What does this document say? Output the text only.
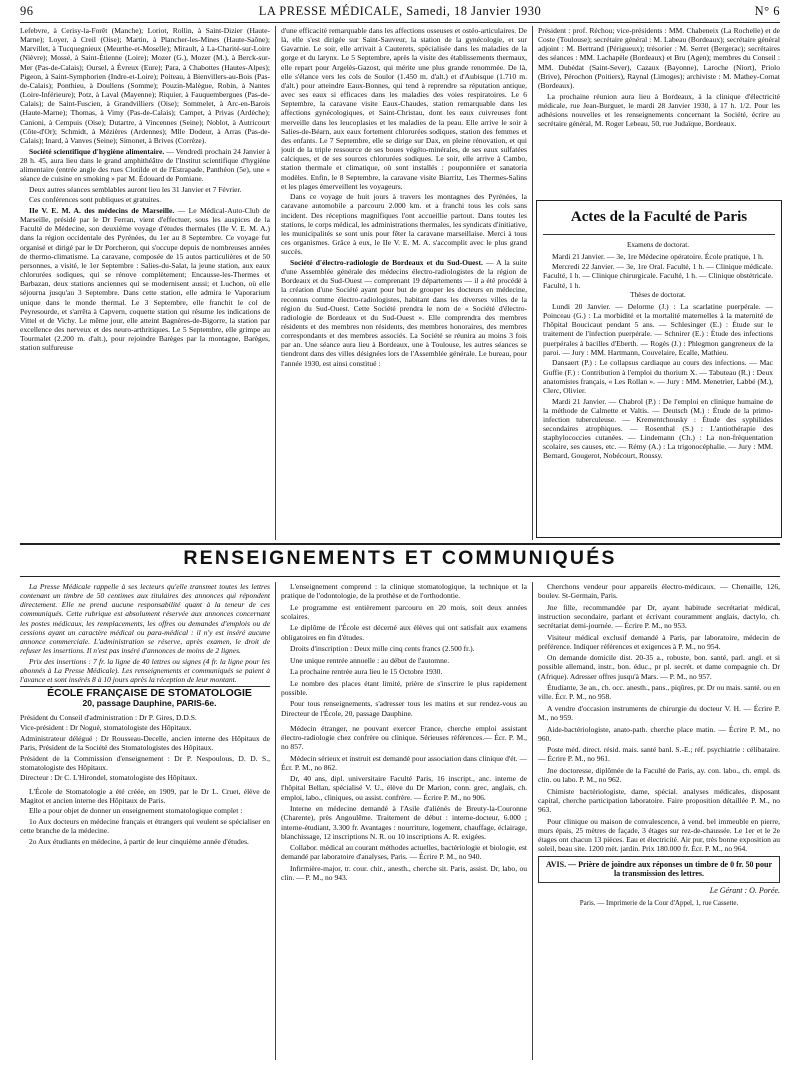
96	LA PRESSE MÉDICALE, Samedi, 18 Janvier 1930	N° 6

Lefebvre, à Cerisy-la-Forêt (Manche); Loriot, Rollin, à Saint-Dizier (Haute-Marne); Loyer, à Creil (Oise); Martin, à Plancher-les-Mines (Haute-Saône); Marvillet, à Tucquegnieux (Meurthe-et-Moselle); Mirault, à La-Charité-sur-Loire (Nièvre); Mossé, à Saint-Étienne (Loire); Mozer (G.), Mozer (M.), à Berck-sur-Mer (Pas-de-Calais); Oursel, à Évreux (Eure); Para, à Chabottes (Hautes-Alpes); Pigeon, à Saint-Symphorien (Indre-et-Loire); Poiteau, à Bienvillers-au-Bois (Pas-de-Calais); Ponthieu, à Doullens (Somme); Pouzin-Malègue, Robin, à Nantes (Loire-Inférieure); Potz, à Laval (Mayenne); Riquier, à Fauquembergues (Pas-de-Calais); de Saint-Fuscien, à Grandvilliers (Oise); Sommelet, à Arc-en-Barois (Haute-Marne); Thomas, à Vimy (Pas-de-Calais); Campet, à Privas (Ardèche); Canioni, à Cempuis (Oise); Dutartre, à Vincennes (Seine); Noblot, à Autricourt (Côte-d'Or); Schmidt, à Mézières (Ardennes); Mlle Dodeur, à Arras (Pas-de-Calais); Inard, à Vanves (Seine); Simonet, à Brives (Corrèze).

Société scientifique d'hygiène alimentaire. — Vendredi prochain 24 Janvier à 28 h. 45, aura lieu dans le grand amphithéâtre de l'Institut scientifique d'hygiène alimentaire (entrée angle des rues Clotilde et de l'Estrapade, Panthéon (5e), une « séance de cuisine en smoking » par M. Édouard de Pomiane.

Deux autres séances semblables auront lieu les 31 Janvier et 7 Février.

Ces conférences sont publiques et gratuites.

IIe V. E. M. A. des médecins de Marseille. — Le Médical-Auto-Club de Marseille, présidé par le Dr Ferran, vient d'effectuer, sous les auspices de la Faculté de Médecine, son deuxième voyage d'études thermales (IIe V. E. M. A.) dans la région occidentale des Pyrénées, du 1er au 8 Septembre. Ce voyage fut organisé et dirigé par le Dr Porcheron, qui s'occupe depuis de nombreuses années de thermo-climatisme. La caravane, composée de 15 autos particulières et de 50 personnes, a visité, le 1er Septembre : Salies-du-Salat, la jeune station, aux eaux chlorurées sodiques, qui se rénove complètement; Encausse-les-Thermes et Barbazan, deux stations anciennes qui se modernisent aussi; et Luchon, où elle séjourna jusqu'au 3 Septembre. Dans cette station, elle admira le Vaporarium unique dans le monde thermal. Le 3 Septembre, elle franchit le col de Peyresourde, et s'arrêta à Capvern, coquette station qui résume les indications de Vittel et de Vichy. Le même jour, elle atteint Bagnères-de-Bigorre, la station par excellence des nerveux et des neuro-arthritiques. Le 5 Septembre, elle grimpe au Tourmalet (2.200 m. d'alt.), pour rejoindre Barèges par la montagne, Barèges, station sulfureuse

d'une efficacité remarquable dans les affections osseuses et ostéo-articulaires. De là, elle s'est dirigée sur Saint-Sauveur, la station de la gynécologie, et sur Gavarnie. Le soir, elle arrivait à Cauterets, spécialisée dans les maladies de la gorge et du larynx. Le 5 Septembre, après la visite des établissements thermaux, elle repart pour Argelès-Gazost, qui mérite une plus grande renommée. De là, elle s'élance vers les cols de Soulor (1.450 m. d'alt.) et d'Aubisque (1.710 m. d'alt.) pour atteindre Eaux-Bonnes, qui tend à reprendre sa réputation antique, avec ses eaux si efficaces dans les maladies des voies respiratoires. Le 6 Septembre, la caravane visite Eaux-Chaudes, station remarquable dans les affections gynécologiques, et Saint-Christau, dont les eaux cuivreuses font merveille dans les leucoplasies et les maladies de la peau. Elle arrive le soir à Salies-de-Béarn, aux eaux fortement chlorurées sodiques, station des femmes et des enfants. Le 7 Septembre, elle se dirige sur Dax, en pleine rénovation, et qui jouit de la triple ressource de ses boues végéto-minérales, de ses eaux sulfatées calciques, et de ses sources chlorurées sodiques. Le soir, elle arrive à Cambo, station thermale et climatique, où sont installés : pouponnière et sanatoria modèles. Enfin, le 8 Septembre, la caravane visite Biarritz, Les Thermes-Salins et les plages émerveillent les voyageurs.

Dans ce voyage de huit jours à travers les montagnes des Pyrénées, la caravane automobile a parcouru 2.000 km. et a franchi tous les cols sans incident. Des réceptions magnifiques l'ont accueillie partout. Dans toutes les stations, le corps médical, les administrations thermales, les syndicats d'initiative, les municipalités se sont unis pour fêter la caravane marseillaise. Merci à tous ces organismes. Grâce à eux, le IIe V. E. M. A. s'accomplit avec le plus grand succès.

Société d'électro-radiologie de Bordeaux et du Sud-Ouest. — A la suite d'une Assemblée générale des médecins électro-radiologistes de la région de Bordeaux et du Sud-Ouest — comprenant 19 départements — il a été procédé à la création d'une Société ayant pour but de grouper les docteurs en médecine, reconnus comme électro-radiologistes, habitant dans les diverses villes de la région du Sud-Ouest. Cette Société prendra le nom de « Société d'électro-radiologie de Bordeaux et du Sud-Ouest ». Elle comprendra des membres résidents et des membres non résidents, des membres honoraires, des membres correspondants et des membres associés. La Société se réunira au moins 3 fois par an. Une séance aura lieu à Bordeaux, une à Toulouse, les autres séances se tiendront dans des villes désignées lors de l'Assemblée générale. Le bureau, pour l'année 1930, est ainsi constitué :

Président : prof. Réchou; vice-présidents : MM. Chabeneix (La Rochelle) et de Coste (Toulouse); secrétaire général : M. Labeau (Bordeaux); secrétaire général adjoint : M. Bertrand (Périgueux); trésorier : M. Serret (Bergerac); secrétaires des séances : MM. Lachapèle (Bordeaux) et Bru (Agen); membres du Conseil : MM. Dubédat (Saint-Sever), Cazaux (Bayonne), Laroche (Niort), Priolo (Brive), Pérochon (Poitiers), Raynal (Limoges); archiviste : M. Mathey-Cornat (Bordeaux).

La prochaine réunion aura lieu à Bordeaux, à la clinique d'électricité médicale, rue Jean-Burguet, le mardi 28 Janvier 1930, à 17 h. 1/2. Pour les adhésions nouvelles et les renseignements concernant la Société, écrire au secrétaire général, M. Roger Lebeau, 50, rue Judaïque, Bordeaux.

Actes de la Faculté de Paris

Examens de doctorat.

Mardi 21 Janvier. — 3e, 1re Médecine opératoire. École pratique, 1 h.

Mercredi 22 Janvier. — 3e, 1re Oral. Faculté, 1 h. — Clinique médicale. Faculté, 1 h. — Clinique chirurgicale. Faculté, 1 h. — Clinique obstétricale. Faculté, 1 h.

Thèses de doctorat.

Lundi 20 Janvier. — Delorme (J.) : La scarlatine puerpérale. — Poinceau (G.) : La morbidité et la mortalité maternelles à la maternité de l'hôpital Boucicaut pendant 5 ans. — Schlesinger (E.) : Étude sur le traitement de l'infection puerpérale. — Schnirer (E.) : Étude des infections puerpérales à bacilles d'Eberth. — Rogès (J.) : Phlegmon gangreneux de la paroi. — Jury : MM. Hartmann, Couvelaire, Ecalle, Mathieu.

Dansaert (P.) : Le collapsus cardiaque au cours des infections. — Mac Guffie (F.) : Contribution à l'emploi du thorium X. — Tabuteau (R.) : Deux anatomistes français, « Les Rollan ». — Jury : MM. Menetrier, Labbé (M.), Clerc, Olivier.

Mardi 21 Janvier. — Chabrol (P.) : De l'emploi en clinique humaine de la méthode de Calmette et Valtis. — Deutsch (M.) : Étude de la primo-infection tuberculeuse. — Krementchousky : Étude des syphilides secondaires atrophiques. — Rosenthal (S.) : L'antiothérapie des staphylococcies cutanées. — Lindemann (Ch.) : La non-fréquentation scolaire, ses causes, etc. — Rémy (A.) : La trigonocéphalie. — Jury : MM. Bernard, Gougerot, Nobécourt, Roussy.

RENSEIGNEMENTS ET COMMUNIQUÉS

La Presse Médicale rappelle à ses lecteurs qu'elle transmet toutes les lettres contenant un timbre de 50 centimes aux titulaires des annonces qui répondent directement. Elle ne prend aucune responsabilité quant à la teneur de ces communiqués. Cette rubrique est absolument réservée aux annonces concernant les postes médicaux, les remplacements, les offres ou demandes d'emplois ou de cessions ayant un caractère médical ou para-médical : il n'y est inséré aucune annonce commerciale. L'administration se réserve, après examen, le droit de refuser les insertions. Il n'est pas inséré d'annonces de moins de 2 lignes.

Prix des insertions : 7 fr. la ligne de 40 lettres ou signes (4 fr. la ligne pour les abonnés à La Presse Médicale). Les renseignements et communiqués se paient à l'avance et sont insérés 8 à 10 jours après la réception de leur montant.

ÉCOLE FRANÇAISE DE STOMATOLOGIE

20, passage Dauphine, PARIS-6e.

Président du Conseil d'administration : Dr P. Gires, D.D.S.

Vice-président : Dr Nogué, stomatologiste des Hôpitaux.

Administrateur délégué : Dr Rousseau-Decelle, ancien interne des Hôpitaux de Paris, Président de la Société des Stomatologistes des Hôpitaux.

Président de la Commission d'enseignement : Dr P. Nespoulous, D. D. S., stomatologiste des Hôpitaux.

Directeur : Dr C. L'Hirondel, stomatologiste des Hôpitaux.

L'École de Stomatologie a été créée, en 1909, par le Dr L. Cruet, élève de Magitot et ancien interne des Hôpitaux de Paris.

Elle a pour objet de donner un enseignement stomatologique complet :

1o Aux docteurs en médecine français et étrangers qui veulent se spécialiser en cette branche de la médecine.

2o Aux étudiants en médecine, à partir de leur cinquième année d'études.

L'enseignement comprend : la clinique stomatologique, la technique et la pratique de l'odontologie, de la prothèse et de l'orthodontie.

Le programme est entièrement parcouru en 20 mois, soit deux années scolaires.

Le diplôme de l'École est décerné aux élèves qui ont satisfait aux examens obligatoires en fin d'études.

Droits d'inscription : Deux mille cinq cents francs (2.500 fr.).

Une unique rentrée annuelle : au début de l'automne.

La prochaine rentrée aura lieu le 15 Octobre 1930.

Le nombre des places étant limité, prière de s'inscrire le plus rapidement possible.

Pour tous renseignements, s'adresser tous les matins et sur rendez-vous au Directeur de l'École, 20, passage Dauphine.

Médecin étranger, ne pouvant exercer France, cherche emploi assistant électro-radiologie chez confrère ou clinique. Sérieuses références.— Écr. P. M., no 857.

Médecin sérieux et instruit est demandé pour association dans clinique d'ét. — Écr. P. M., no 862.

Dr, 40 ans, dipl. universitaire Faculté Paris, 16 inscript., anc. interne de l'hôpital Bellan, spécialisé V. U., élève du Dr Marion, conn. grec, anglais, ch. emploi, labo., cliniques, ou assist. confrère. — Écrire P. M., no 906.

Interne en médecine demandé à l'Asile d'aliénés de Breuty-la-Couronne (Charente), près Angoulême. Traitement de début : interne-docteur, 6.000 ; interne-étudiant, 3.300 fr. Avantages : nourriture, logement, chauffage, éclairage, blanchissage, 12 inscriptions N. R. ou 10 inscriptions A. R. exigées.

Collabor. médical au courant méthodes actuelles, bactériologie et biologie, est demandé par laboratoire d'analyses, Paris. — Écrire P. M., no 940.

Infirmière-major, tr. cour. chir., anesth., cherche sit. Paris, assist. Dr, labo, ou clin. — P. M., no 943.

Cherchons vendeur pour appareils électro-médicaux. — Chenaille, 126, boulev. St-Germain, Paris.

Jne fille, recommandée par Dr, ayant habitude secrétariat médical, instruction secondaire, parlant et écrivant couramment anglais, dactylo, ch. secrétariat demi-journée. — Écrire P. M., no 953.

Visiteur médical exclusif demandé à Paris, par laboratoire, médecin de préférence. Indiquer références et exigences à P. M., no 954.

On demande domicile dist. 20-35 a., robuste, bon. santé, parl. angl. et si possible allemand, instr., bon. éduc., pr pl. secrét. et dame compagnie ch. Dr (Afrique). Adresser offres jusqu'à Mars. — P. M., no 957.

Étudiante, 3e an., ch. occ. anesth., pans., piqûres, pr. Dr ou mais. santé. ou en ville. Écr. P. M., no 958.

A vendre d'occasion instruments de chirurgie du docteur V. H. — Écrire P. M., no 959.

Aide-bactériologiste, anato-path. cherche place matin. — Écrire P. M., no 960.

Poste méd. direct. résid. mais. santé banl. S.-E.; réf. psychiatrie : célibataire. — Écrire P. M., no 961.

Jne doctoresse, diplômée de la Faculté de Paris, ay. con. labo., ch. empl. ds clin. ou labo. P. M., no 962.

Chimiste bactériologiste, dame, spécial. analyses médicales, disposant capital, cherche participation laboratoire. Faire proposition détaillée P. M., no 963.

Pour clinique ou maison de convalescence, à vend. bel immeuble en pierre, murs épais, 25 mètres de façade, 3 étages sur rez-de-chaussée. Le 1er et le 2e étages ont chacun 13 pièces. Eau et électricité. Air pur, très bonne exposition au soleil, beau site. 1200 mèt. jardin. Prix 180.000 fr. Écr. P. M., no 964.

AVIS. — Prière de joindre aux réponses un timbre de 0 fr. 50 pour la transmission des lettres.
Le Gérant : O. Porée.
Paris. — Imprimerie de la Cour d'Appel, 1, rue Cassette.
